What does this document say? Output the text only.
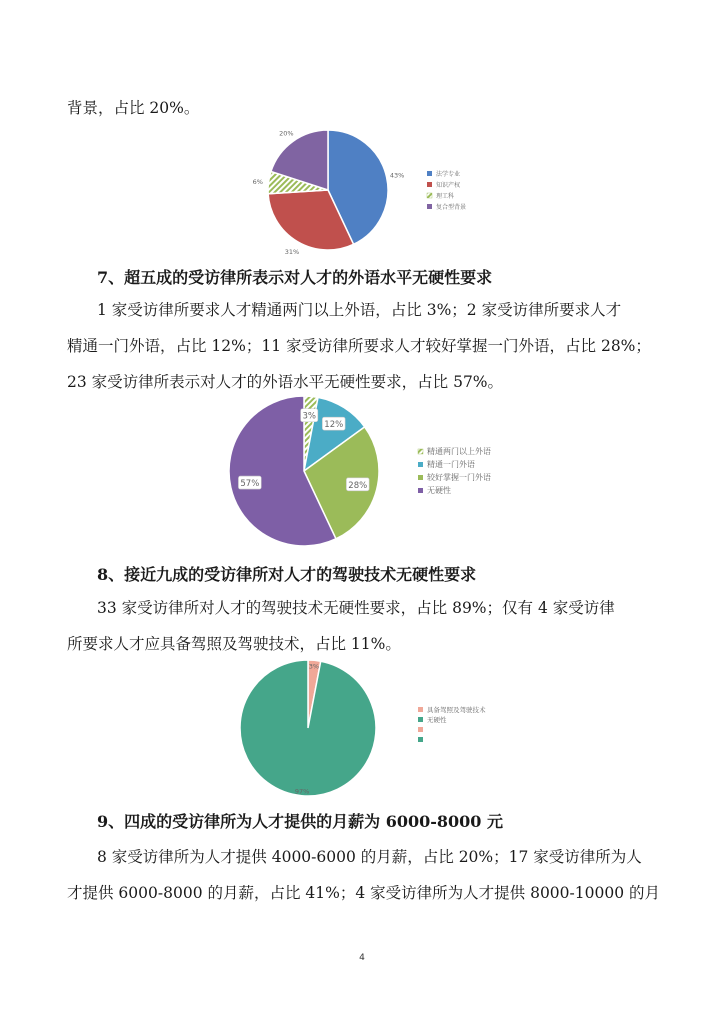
背景，占比 20%。
43%
31%
6%
20%
法学专业
知识产权
理工科
复合型背景
7、超五成的受访律所表示对人才的外语水平无硬性要求
1 家受访律所要求人才精通两门以上外语，占比 3%；2 家受访律所要求人才
精通一门外语，占比 12%；11 家受访律所要求人才较好掌握一门外语，占比 28%；
23 家受访律所表示对人才的外语水平无硬性要求，占比 57%。
3%
12%
28%
57%
精通两门以上外语
精通一门外语
较好掌握一门外语
无硬性
8、接近九成的受访律所对人才的驾驶技术无硬性要求
33 家受访律所对人才的驾驶技术无硬性要求，占比 89%；仅有 4 家受访律
所要求人才应具备驾照及驾驶技术，占比 11%。
3%
97%
具备驾照及驾驶技术
无硬性
9、四成的受访律所为人才提供的月薪为 6000-8000 元
8 家受访律所为人才提供 4000-6000 的月薪，占比 20%；17 家受访律所为人
才提供 6000-8000 的月薪，占比 41%；4 家受访律所为人才提供 8000-10000 的月
4
